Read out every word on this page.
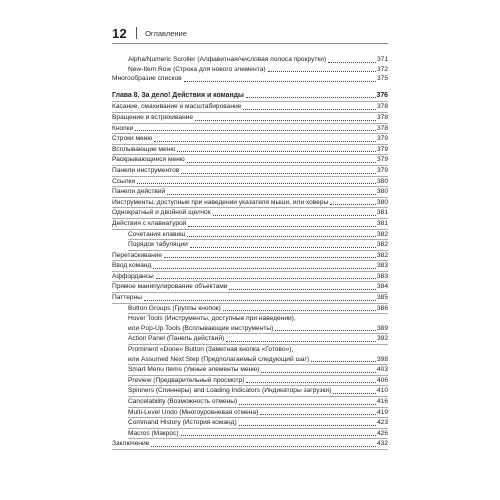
12 Оглавление
Alpha/Numeric Scroller (Алфавитная/числовая полоса прокрутки)	371
New-Item Row (Строка для нового элемента)	372
Многообразие списков	375
Глава 8. За дело! Действия и команды	376
Касание, смахивание и масштабирование	378
Вращение и встряхивание	378
Кнопки	378
Строки меню	379
Всплывающие меню	379
Раскрывающиеся меню	379
Панели инструментов	379
Ссылки	380
Панели действий	380
Инструменты, доступные при наведении указателя мыши, или ховеры	380
Однократный и двойной щелчок	381
Действия с клавиатурой	381
Сочетания клавиш	382
Порядок табуляции	382
Перетаскивание	382
Ввод команд	383
Аффордансы	383
Прямое манипулирование объектами	384
Паттерны	385
Button Groups (Группы кнопок)	386
Hover Tools (Инструменты, доступные при наведении),
или Pop-Up Tools (Всплывающие инструменты)	389
Action Panel (Панель действий)	392
Prominent «Done» Button (Заметная кнопка «Готово»),
или Assumed Next Step (Предполагаемый следующий шаг)	398
Smart Menu Items (Умные элементы меню)	403
Preview (Предварительный просмотр)	406
Spinners (Спиннеры) and Loading Indicators (Индикаторы загрузки)	410
Cancelability (Возможность отмены)	416
Multi-Level Undo (Многоуровневая отмена)	419
Command History (История команд)	423
Macros (Макрос)	426
Заключение	432
